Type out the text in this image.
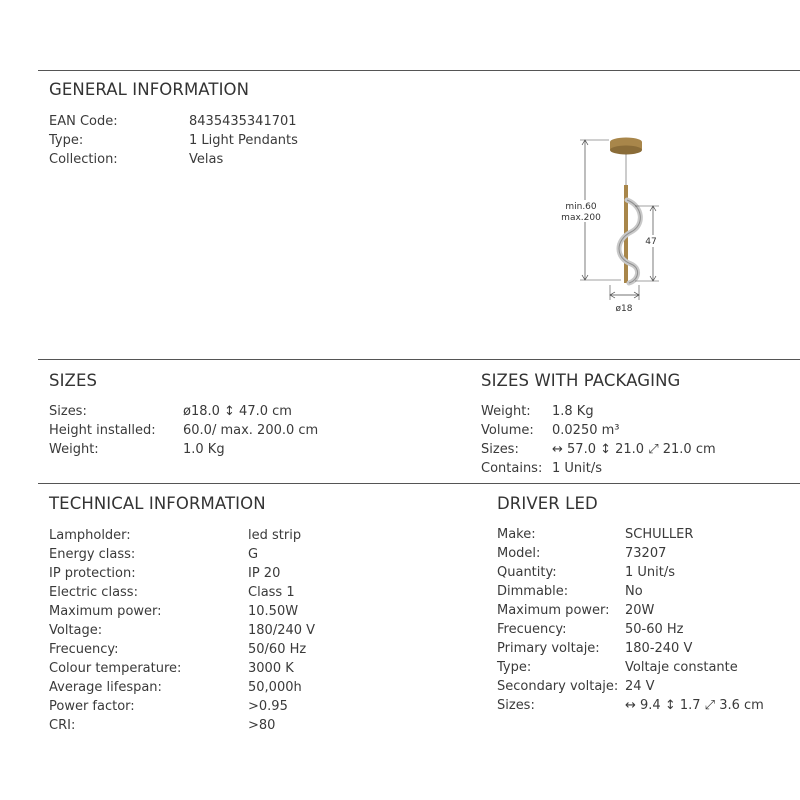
GENERAL INFORMATION
EAN Code:	8435435341701
Type:	1 Light Pendants
Collection:	Velas
min.60
max.200
47
ø18
SIZES
Sizes:	ø18.0 ↕ 47.0 cm
Height installed:	60.0/ max. 200.0 cm
Weight:	1.0 Kg
SIZES WITH PACKAGING
Weight:	1.8 Kg
Volume:	0.0250 m³
Sizes:	↔ 57.0 ↕ 21.0 ⤢ 21.0 cm
Contains: 1 Unit/s
TECHNICAL INFORMATION
Lampholder:	led strip
Energy class:	G
IP protection:	IP 20
Electric class:	Class 1
Maximum power:	10.50W
Voltage:	180/240 V
Frecuency:	50/60 Hz
Colour temperature:	3000 K
Average lifespan:	50,000h
Power factor:	>0.95
CRI:	>80
DRIVER LED
Make:	SCHULLER
Model:	73207
Quantity:	1 Unit/s
Dimmable:	No
Maximum power:	20W
Frecuency:	50-60 Hz
Primary voltaje:	180-240 V
Type:	Voltaje constante
Secondary voltaje: 24 V
Sizes:	↔ 9.4 ↕ 1.7 ⤢ 3.6 cm
